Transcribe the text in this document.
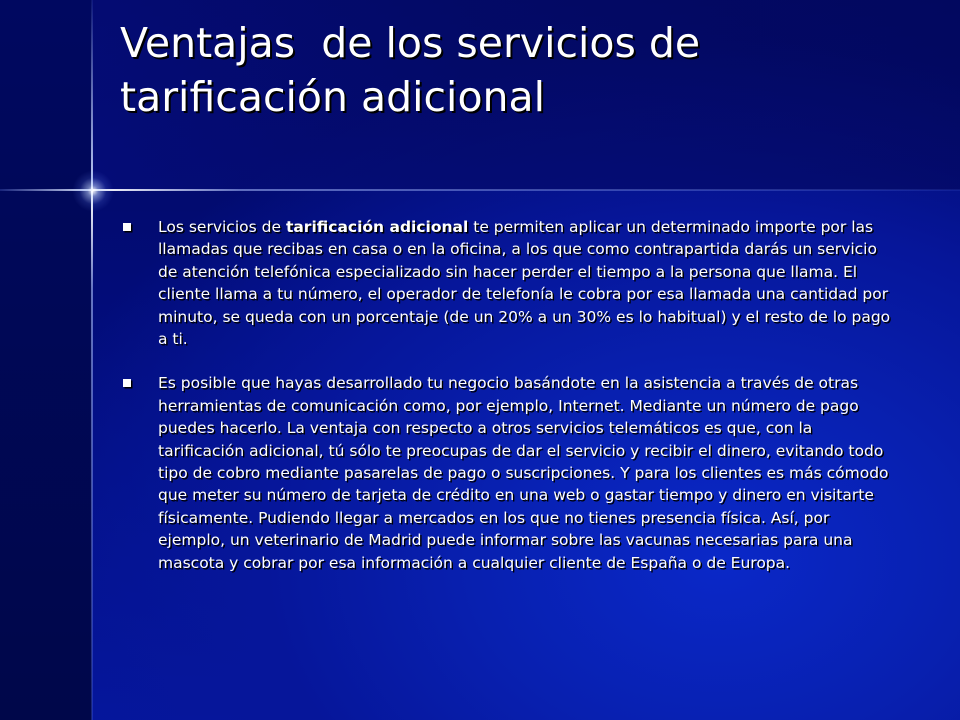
Ventajas  de los servicios de tarificación adicional
Los servicios de tarificación adicional te permiten aplicar un determinado importe por las llamadas que recibas en casa o en la oficina, a los que como contrapartida darás un servicio de atención telefónica especializado sin hacer perder el tiempo a la persona que llama. El cliente llama a tu número, el operador de telefonía le cobra por esa llamada una cantidad por minuto, se queda con un porcentaje (de un 20% a un 30% es lo habitual) y el resto de lo pago a ti.
Es posible que hayas desarrollado tu negocio basándote en la asistencia a través de otras herramientas de comunicación como, por ejemplo, Internet. Mediante un número de pago puedes hacerlo. La ventaja con respecto a otros servicios telemáticos es que, con la tarificación adicional, tú sólo te preocupas de dar el servicio y recibir el dinero, evitando todo tipo de cobro mediante pasarelas de pago o suscripciones. Y para los clientes es más cómodo que meter su número de tarjeta de crédito en una web o gastar tiempo y dinero en visitarte físicamente. Pudiendo llegar a mercados en los que no tienes presencia física. Así, por ejemplo, un veterinario de Madrid puede informar sobre las vacunas necesarias para una mascota y cobrar por esa información a cualquier cliente de España o de Europa.
